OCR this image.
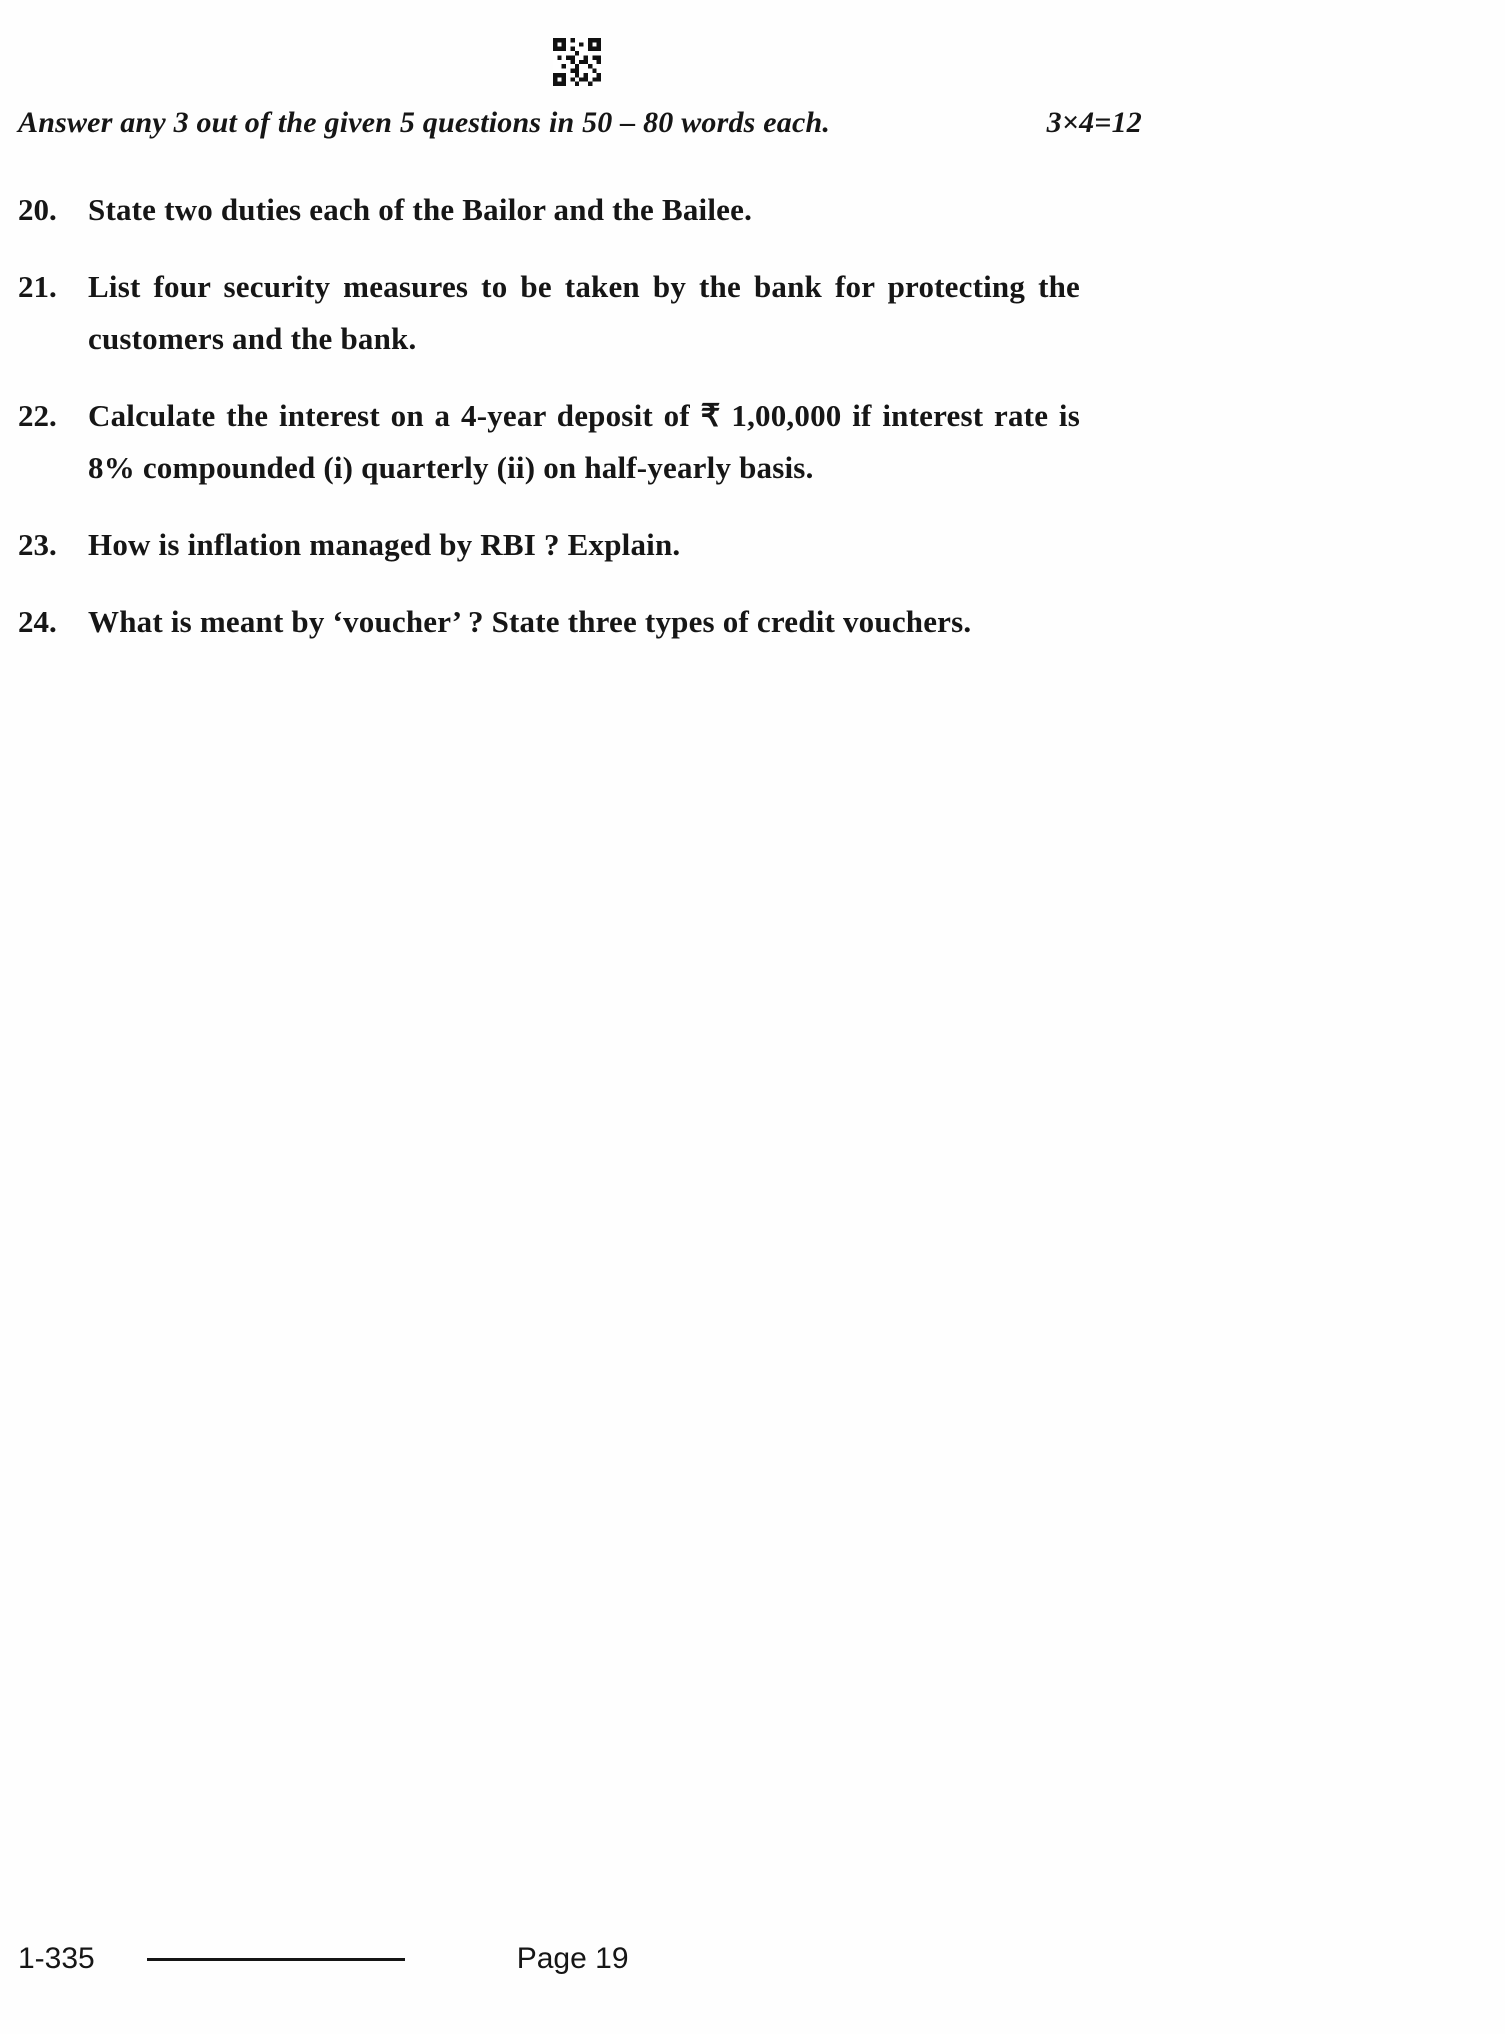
Answer any 3 out of the given 5 questions in 50 – 80 words each.	3×4=12
20.	State two duties each of the Bailor and the Bailee.
21.	List four security measures to be taken by the bank for protecting the customers and the bank.
22.	Calculate the interest on a 4-year deposit of ₹ 1,00,000 if interest rate is 8% compounded (i) quarterly (ii) on half-yearly basis.
23.	How is inflation managed by RBI ? Explain.
24.	What is meant by ‘voucher’ ? State three types of credit vouchers.
1-335	Page 19
